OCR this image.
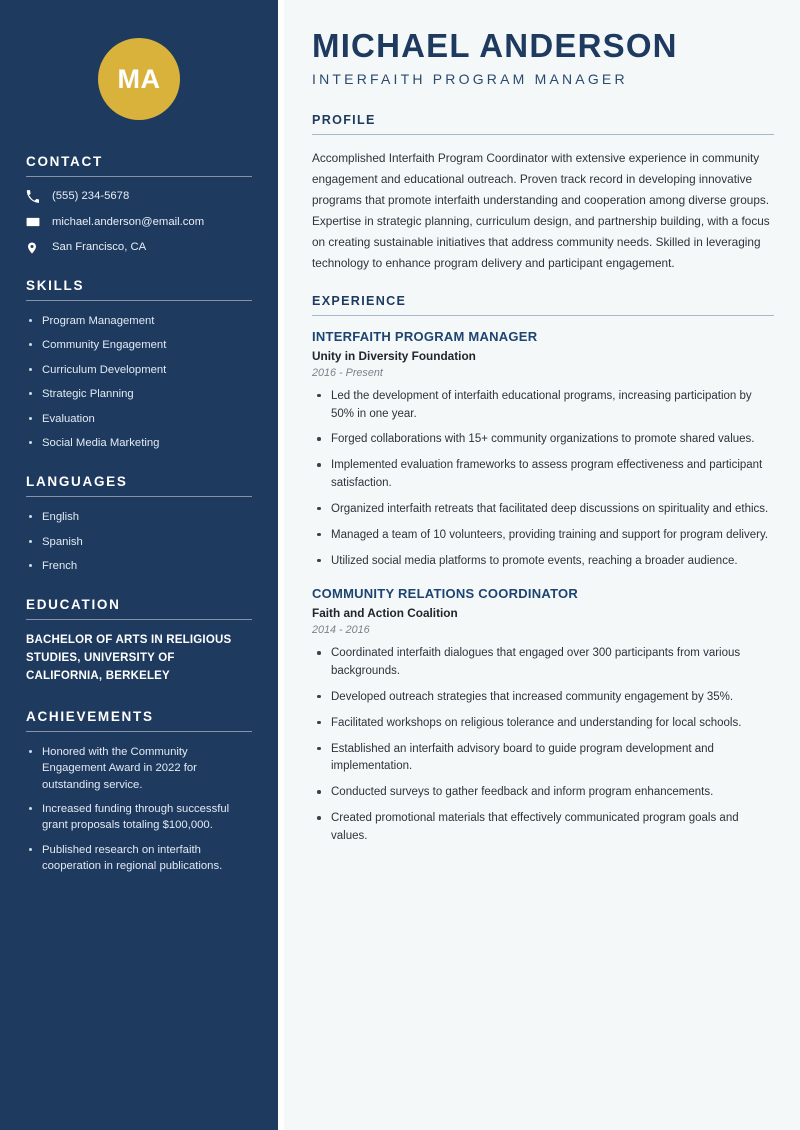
MA
CONTACT
(555) 234-5678
michael.anderson@email.com
San Francisco, CA
SKILLS
Program Management
Community Engagement
Curriculum Development
Strategic Planning
Evaluation
Social Media Marketing
LANGUAGES
English
Spanish
French
EDUCATION
BACHELOR OF ARTS IN RELIGIOUS STUDIES, UNIVERSITY OF CALIFORNIA, BERKELEY
ACHIEVEMENTS
Honored with the Community Engagement Award in 2022 for outstanding service.
Increased funding through successful grant proposals totaling $100,000.
Published research on interfaith cooperation in regional publications.
MICHAEL ANDERSON
INTERFAITH PROGRAM MANAGER
PROFILE

Accomplished Interfaith Program Coordinator with extensive experience in community engagement and educational outreach. Proven track record in developing innovative programs that promote interfaith understanding and cooperation among diverse groups. Expertise in strategic planning, curriculum design, and partnership building, with a focus on creating sustainable initiatives that address community needs. Skilled in leveraging technology to enhance program delivery and participant engagement.

EXPERIENCE
INTERFAITH PROGRAM MANAGER
Unity in Diversity Foundation
2016 - Present
Led the development of interfaith educational programs, increasing participation by 50% in one year.
Forged collaborations with 15+ community organizations to promote shared values.
Implemented evaluation frameworks to assess program effectiveness and participant satisfaction.
Organized interfaith retreats that facilitated deep discussions on spirituality and ethics.
Managed a team of 10 volunteers, providing training and support for program delivery.
Utilized social media platforms to promote events, reaching a broader audience.
COMMUNITY RELATIONS COORDINATOR
Faith and Action Coalition
2014 - 2016
Coordinated interfaith dialogues that engaged over 300 participants from various backgrounds.
Developed outreach strategies that increased community engagement by 35%.
Facilitated workshops on religious tolerance and understanding for local schools.
Established an interfaith advisory board to guide program development and implementation.
Conducted surveys to gather feedback and inform program enhancements.
Created promotional materials that effectively communicated program goals and values.
